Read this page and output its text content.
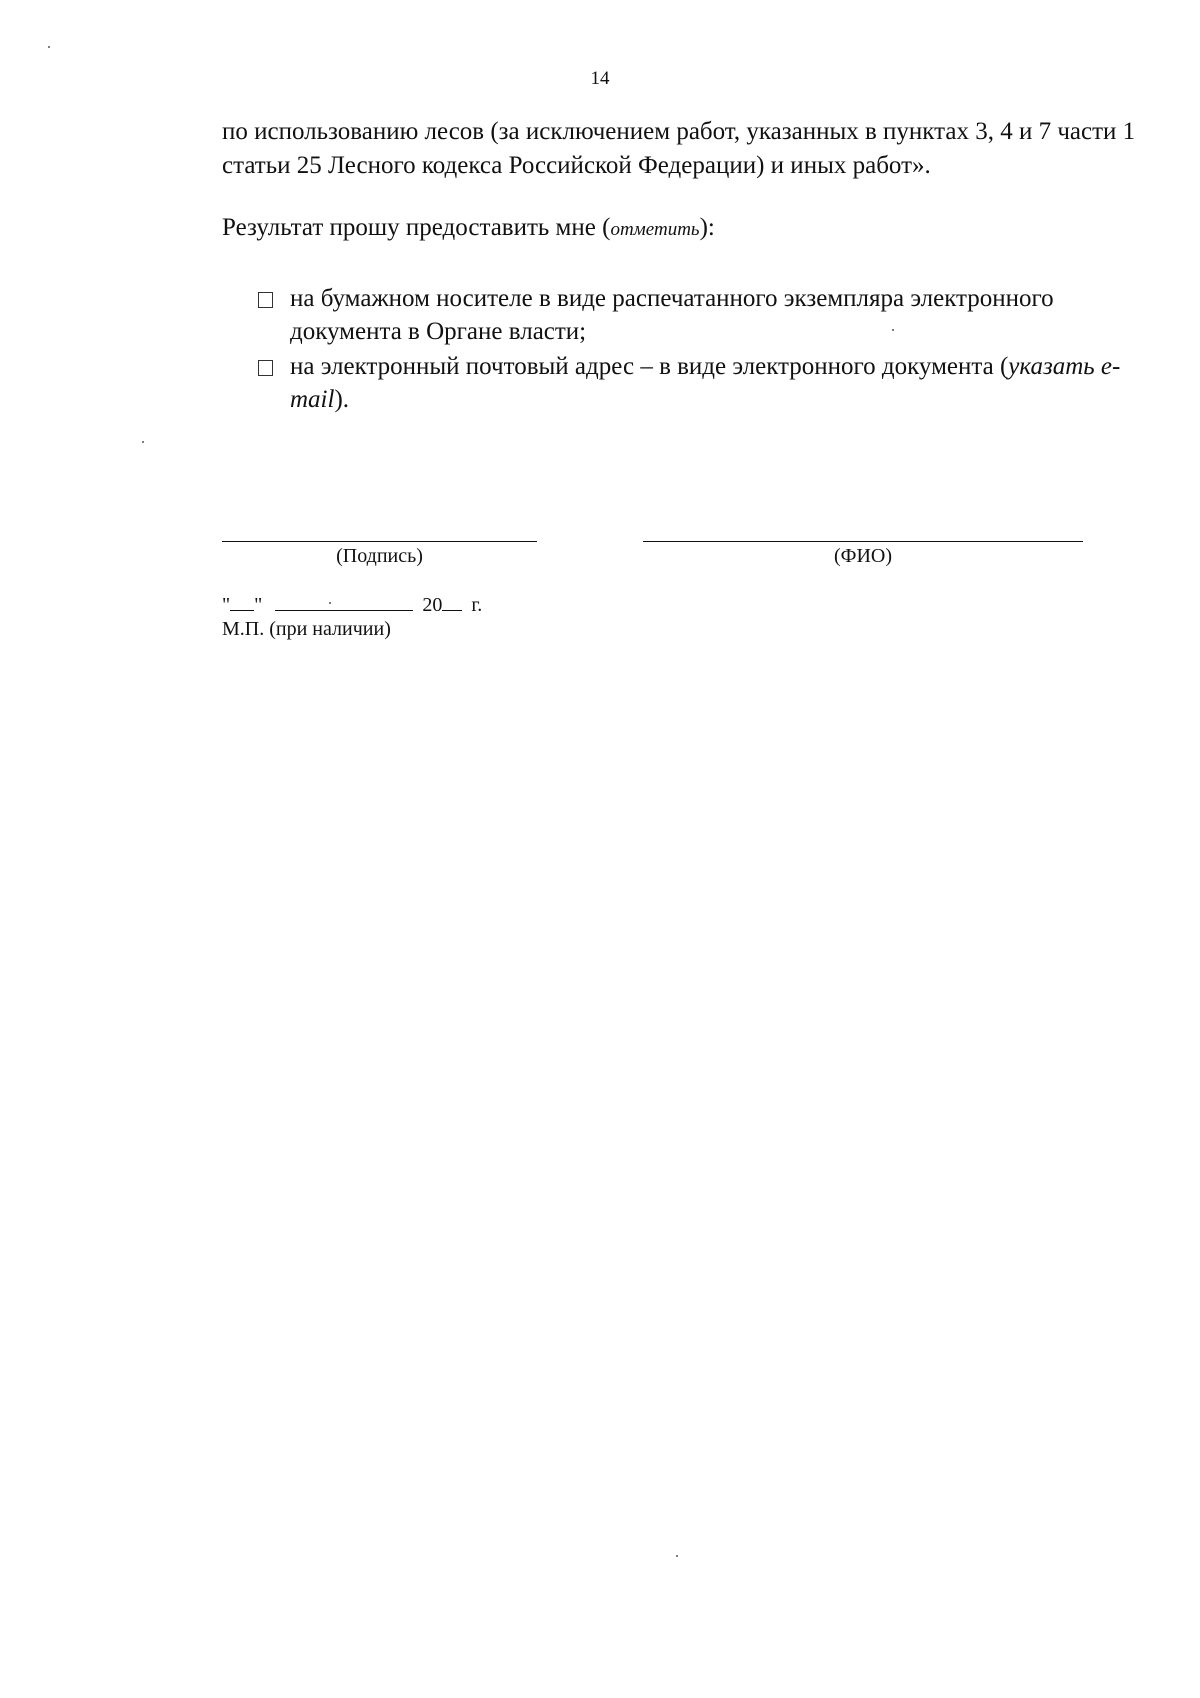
14
по использованию лесов (за исключением работ, указанных в пунктах 3, 4 и 7 части 1 статьи 25 Лесного кодекса Российской Федерации) и иных работ».
Результат прошу предоставить мне (отметить):
на бумажном носителе в виде распечатанного экземпляра электронного документа в Органе власти;
на электронный почтовый адрес – в виде электронного документа (указать e-mail).
(Подпись)	(ФИО)
" "	20 г.
М.П. (при наличии)
